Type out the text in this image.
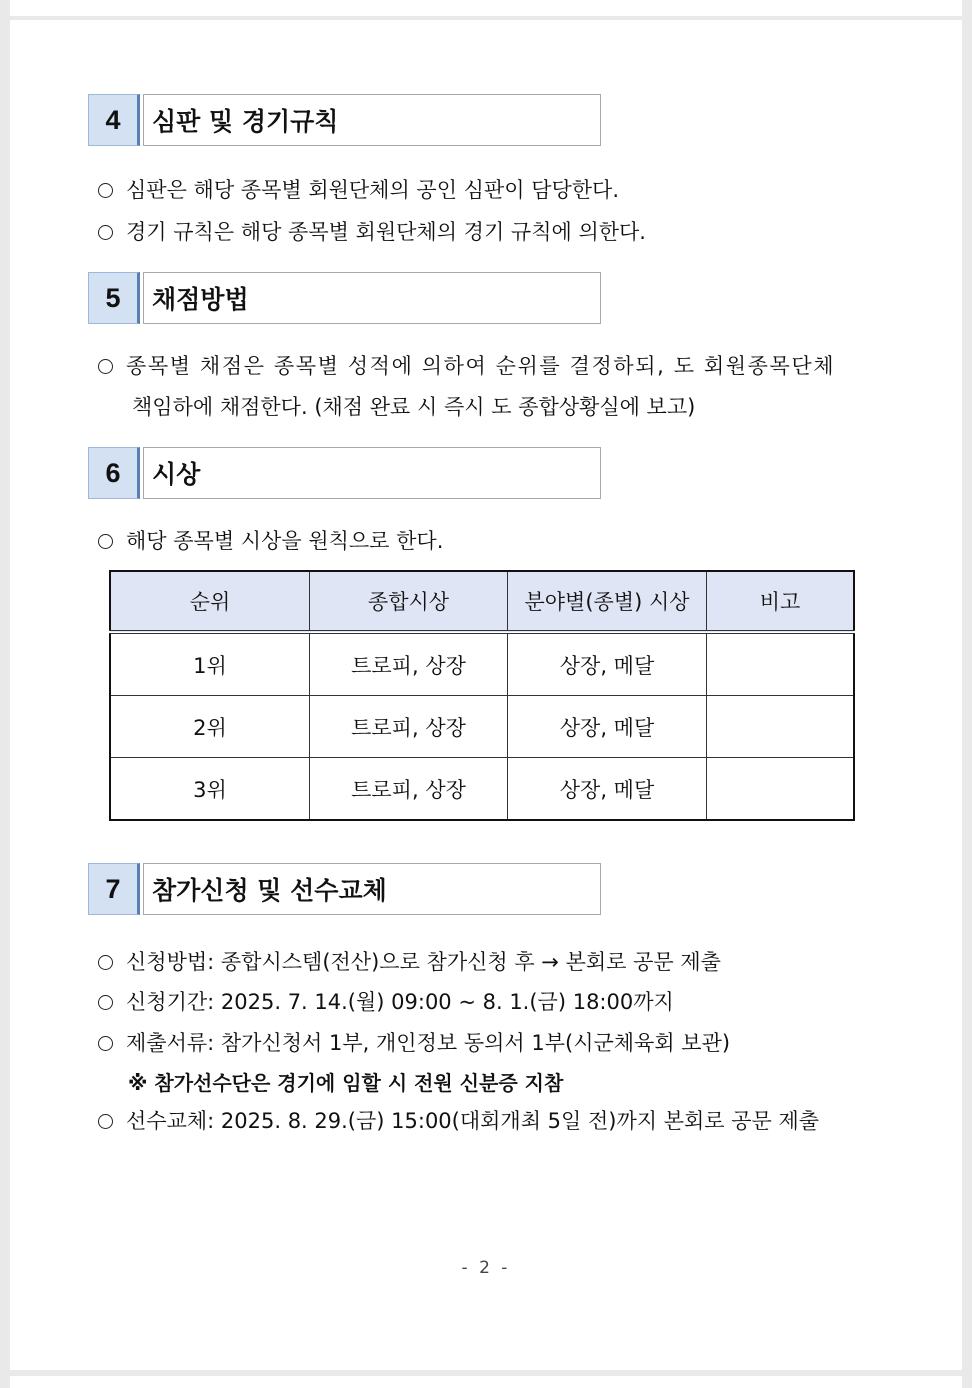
4	심판 및 경기규칙
심판은 해당 종목별 회원단체의 공인 심판이 담당한다.
경기 규칙은 해당 종목별 회원단체의 경기 규칙에 의한다.
5	채점방법
종목별 채점은 종목별 성적에 의하여 순위를 결정하되, 도 회원종목단체
책임하에 채점한다. (채점 완료 시 즉시 도 종합상황실에 보고)
6	시상
해당 종목별 시상을 원칙으로 한다.
순위	종합시상	분야별(종별) 시상	비고
1위	트로피, 상장	상장, 메달	
2위	트로피, 상장	상장, 메달	
3위	트로피, 상장	상장, 메달	
7	참가신청 및 선수교체
신청방법: 종합시스템(전산)으로 참가신청 후 → 본회로 공문 제출
신청기간: 2025. 7. 14.(월) 09:00 ~ 8. 1.(금) 18:00까지
제출서류: 참가신청서 1부, 개인정보 동의서 1부(시군체육회 보관)
※ 참가선수단은 경기에 임할 시 전원 신분증 지참
선수교체: 2025. 8. 29.(금) 15:00(대회개최 5일 전)까지 본회로 공문 제출
- 2 -
